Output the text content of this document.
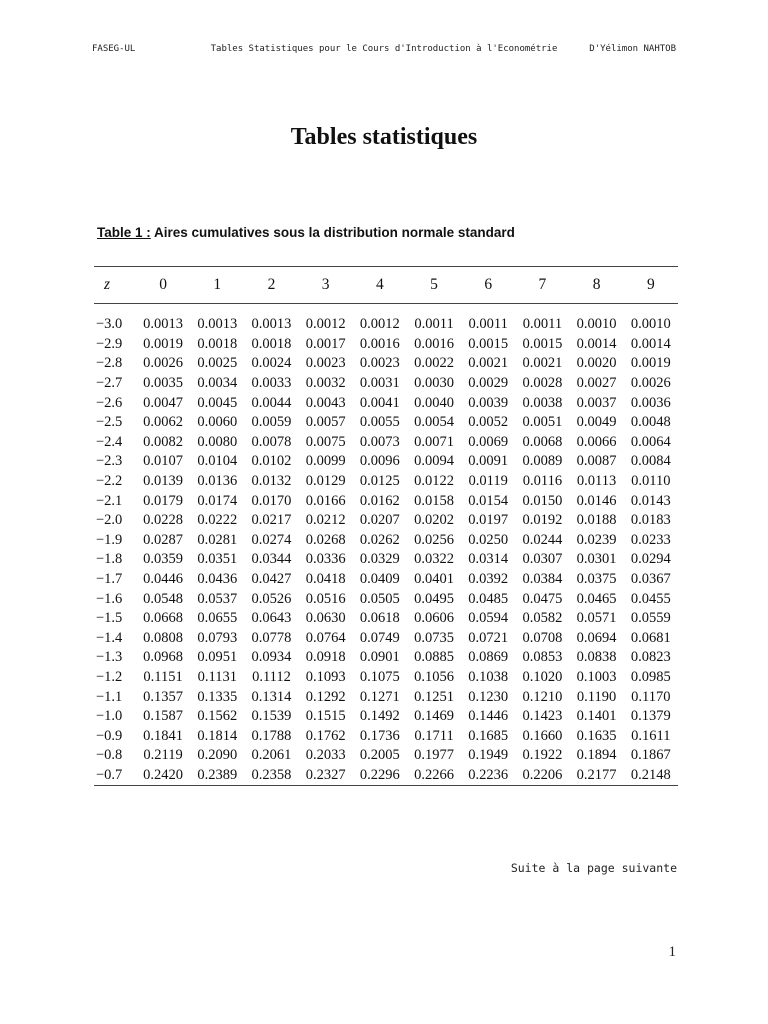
FASEG-UL	Tables Statistiques pour le Cours d'Introduction à l'Econométrie	D'Yélimon NAHTOB
Tables statistiques
Table 1 : Aires cumulatives sous la distribution normale standard
z	0	1	2	3	4	5	6	7	8	9

−3.0	0.0013	0.0013	0.0013	0.0012	0.0012	0.0011	0.0011	0.0011	0.0010	0.0010
−2.9	0.0019	0.0018	0.0018	0.0017	0.0016	0.0016	0.0015	0.0015	0.0014	0.0014
−2.8	0.0026	0.0025	0.0024	0.0023	0.0023	0.0022	0.0021	0.0021	0.0020	0.0019
−2.7	0.0035	0.0034	0.0033	0.0032	0.0031	0.0030	0.0029	0.0028	0.0027	0.0026
−2.6	0.0047	0.0045	0.0044	0.0043	0.0041	0.0040	0.0039	0.0038	0.0037	0.0036
−2.5	0.0062	0.0060	0.0059	0.0057	0.0055	0.0054	0.0052	0.0051	0.0049	0.0048
−2.4	0.0082	0.0080	0.0078	0.0075	0.0073	0.0071	0.0069	0.0068	0.0066	0.0064
−2.3	0.0107	0.0104	0.0102	0.0099	0.0096	0.0094	0.0091	0.0089	0.0087	0.0084
−2.2	0.0139	0.0136	0.0132	0.0129	0.0125	0.0122	0.0119	0.0116	0.0113	0.0110
−2.1	0.0179	0.0174	0.0170	0.0166	0.0162	0.0158	0.0154	0.0150	0.0146	0.0143
−2.0	0.0228	0.0222	0.0217	0.0212	0.0207	0.0202	0.0197	0.0192	0.0188	0.0183
−1.9	0.0287	0.0281	0.0274	0.0268	0.0262	0.0256	0.0250	0.0244	0.0239	0.0233
−1.8	0.0359	0.0351	0.0344	0.0336	0.0329	0.0322	0.0314	0.0307	0.0301	0.0294
−1.7	0.0446	0.0436	0.0427	0.0418	0.0409	0.0401	0.0392	0.0384	0.0375	0.0367
−1.6	0.0548	0.0537	0.0526	0.0516	0.0505	0.0495	0.0485	0.0475	0.0465	0.0455
−1.5	0.0668	0.0655	0.0643	0.0630	0.0618	0.0606	0.0594	0.0582	0.0571	0.0559
−1.4	0.0808	0.0793	0.0778	0.0764	0.0749	0.0735	0.0721	0.0708	0.0694	0.0681
−1.3	0.0968	0.0951	0.0934	0.0918	0.0901	0.0885	0.0869	0.0853	0.0838	0.0823
−1.2	0.1151	0.1131	0.1112	0.1093	0.1075	0.1056	0.1038	0.1020	0.1003	0.0985
−1.1	0.1357	0.1335	0.1314	0.1292	0.1271	0.1251	0.1230	0.1210	0.1190	0.1170
−1.0	0.1587	0.1562	0.1539	0.1515	0.1492	0.1469	0.1446	0.1423	0.1401	0.1379
−0.9	0.1841	0.1814	0.1788	0.1762	0.1736	0.1711	0.1685	0.1660	0.1635	0.1611
−0.8	0.2119	0.2090	0.2061	0.2033	0.2005	0.1977	0.1949	0.1922	0.1894	0.1867
−0.7	0.2420	0.2389	0.2358	0.2327	0.2296	0.2266	0.2236	0.2206	0.2177	0.2148
Suite à la page suivante
1
